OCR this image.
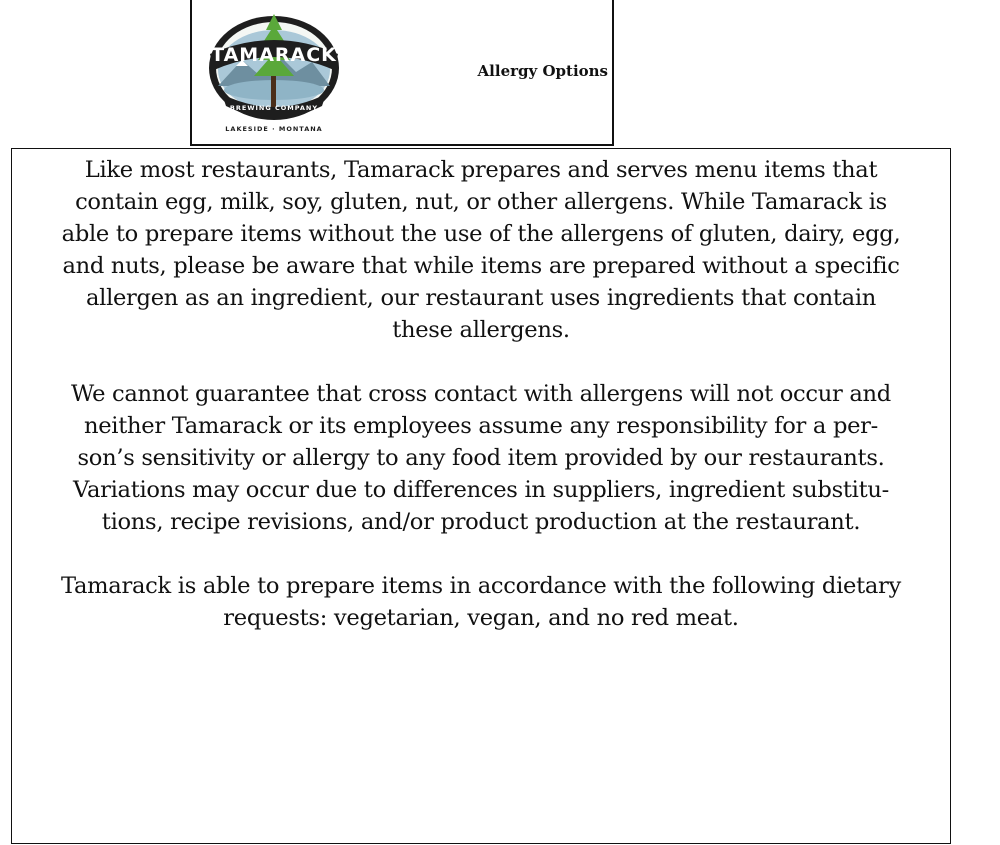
TAMARACK
BREWING COMPANY
LAKESIDE · MONTANA
Allergy Options

Like most restaurants, Tamarack prepares and serves menu items that
contain egg, milk, soy, gluten, nut, or other allergens. While Tamarack is
able to prepare items without the use of the allergens of gluten, dairy, egg,
and nuts, please be aware that while items are prepared without a specific
allergen as an ingredient, our restaurant uses ingredients that contain
these allergens.

We cannot guarantee that cross contact with allergens will not occur and
neither Tamarack or its employees assume any responsibility for a per-
son’s sensitivity or allergy to any food item provided by our restaurants.
Variations may occur due to differences in suppliers, ingredient substitu-
tions, recipe revisions, and/or product production at the restaurant.

Tamarack is able to prepare items in accordance with the following dietary
requests: vegetarian, vegan, and no red meat.
